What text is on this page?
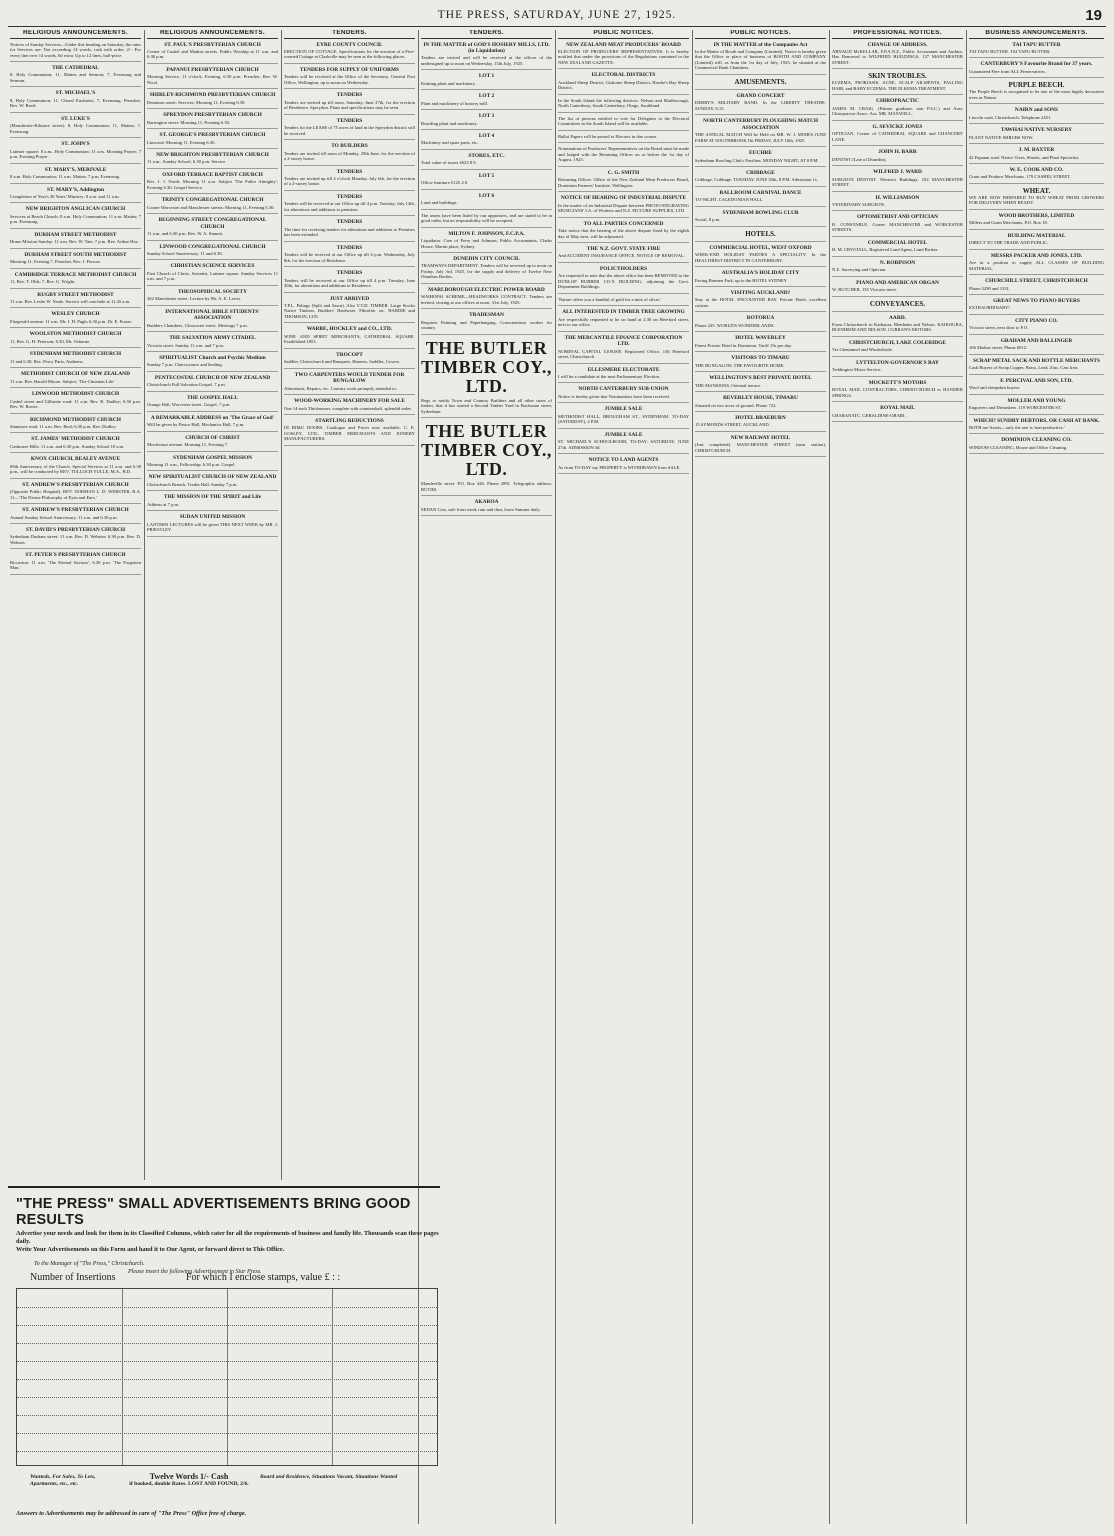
THE PRESS, SATURDAY, JUNE 27, 1925.	19
RELIGIOUS ANNOUNCEMENTS.

Notices of Sunday Services—Under this heading on Saturday, the rates for Services are: Not exceeding 14 words, cash with order, 2/-. For every line over 14 words, 6d extra. Up to 12 lines, half-price.

THE CATHEDRAL

8, Holy Communion; 11, Matins and Sermon; 7, Evensong and Sermon.

ST. MICHAEL'S

8, Holy Communion; 11, Choral Eucharist; 7, Evensong. Preacher, Rev. W. Reed.

ST. LUKE'S

(Manchester-Kilmore street): 8, Holy Communion; 11, Matins; 7, Evensong.

ST. JOHN'S

Latimer square: 8 a.m., Holy Communion; 11 a.m. Morning Prayer; 7 p.m. Evening Prayer.

ST. MARY'S, MERIVALE

8 a.m. Holy Communion; 11 a.m. Matins; 7 p.m. Evensong.

ST. MARY'S, Addington

Completion of Year's 30 Years' Ministry: 8 a.m. and 11 a.m.

NEW BRIGHTON ANGLICAN CHURCH

Services at Beach Church: 8 a.m. Holy Communion; 11 a.m. Matins; 7 p.m. Evensong.

DURHAM STREET METHODIST

Home Mission Sunday: 11 a.m. Rev. W. Tate; 7 p.m. Rev. Arthur Hay.

DURHAM STREET SOUTH METHODIST

Morning 11, Evening 7. Preacher, Rev. J. Ferrow.

CAMBRIDGE TERRACE METHODIST CHURCH

11, Rev. T. Olds; 7, Rev. G. Wright.

RUGBY STREET METHODIST

11 a.m. Rev. Leslie W. Neale. Service will conclude at 11.45 a.m.

WESLEY CHURCH

Fitzgerald avenue: 11 a.m. Mr. J. H. Pugh; 6.30 p.m. Dr. E. Fraser.

WOOLSTON METHODIST CHURCH

11, Rev. G. H. Peterson; 6.30, Mr. Osborne.

SYDENHAM METHODIST CHURCH

11 and 6.30, Rev. Percy Paris, Anthems.

METHODIST CHURCH OF NEW ZEALAND

11 a.m. Rev. Harold Moore. Subject, 'The Christian Life.'

LINWOOD METHODIST CHURCH

Cashel street and Gilbirnie road: 11 a.m. Rev. R. Dudley; 6.30 p.m. Rev. W. Bowie.

RICHMOND METHODIST CHURCH

Stanmore road: 11 a.m. Rev. Beal; 6.30 p.m. Rev. Dudley.

ST. JAMES' METHODIST CHURCH

Cashmere Hills: 11 a.m. and 6.30 p.m. Sunday School 10 a.m.

KNOX CHURCH, BEALEY AVENUE

69th Anniversary of the Church. Special Services at 11 a.m. and 6.30 p.m., will be conducted by REV. TULLOCH YULLE, M.A., B.D.

ST. ANDREW'S PRESBYTERIAN CHURCH

(Opposite Public Hospital). REV. NORMAN L. D. WEBSTER, B.A. 11—'The Divine Philosophy of Eyes and Ears.'

ST. ANDREW'S PRESBYTERIAN CHURCH

Annual Sunday School Anniversary, 11 a.m. and 6.30 p.m.

ST. DAVID'S PRESBYTERIAN CHURCH

Sydenham Durham street: 11 a.m. Rev. D. Webster; 6.30 p.m. Rev. D. Webster.

ST. PETER'S PRESBYTERIAN CHURCH

Riccarton: 11 a.m. 'The Eternal Saviour'; 6.30 p.m. 'The Forgotten Man.'

RELIGIOUS ANNOUNCEMENTS.
ST. PAUL'S PRESBYTERIAN CHURCH

Corner of Cashel and Madras streets. Public Worship at 11 a.m. and 6.30 p.m.

PAPANUI PRESBYTERIAN CHURCH

Morning Service, 11 o'clock. Evening, 6.30 p.m. Preacher, Rev. W. Nicol.

SHIRLEY-RICHMOND PRESBYTERIAN CHURCH

Dennison street: Services, Morning 11, Evening 6.30.

SPREYDON PRESBYTERIAN CHURCH

Barrington street: Morning 11, Evening 6.30.

ST. GEORGE'S PRESBYTERIAN CHURCH

Linwood: Morning 11, Evening 6.30.

NEW BRIGHTON PRESBYTERIAN CHURCH

11 a.m., Sunday School; 6.30 p.m. Service.

OXFORD TERRACE BAPTIST CHURCH

Rev. J. J. North: Morning 11 a.m. Subject 'The Fuller Almighty'; Evening 6.30, Gospel Service.

TRINITY CONGREGATIONAL CHURCH

Corner Worcester and Manchester streets: Morning 11, Evening 6.30.

BEGINNING STREET CONGREGATIONAL CHURCH

11 a.m. and 6.30 p.m. Rev. W. A. Sinnott.

LINWOOD CONGREGATIONAL CHURCH

Sunday School Anniversary, 11 and 6.30.

CHRISTIAN SCIENCE SERVICES

First Church of Christ, Scientist, Latimer square. Sunday Services 11 a.m. and 7 p.m.

THEOSOPHICAL SOCIETY

362 Manchester street. Lecture by Mr. A. E. Lewis.

INTERNATIONAL BIBLE STUDENTS' ASSOCIATION

Builders Chambers, Gloucester street. Meetings 7 p.m.

THE SALVATION ARMY CITADEL

Victoria street. Sunday 11 a.m. and 7 p.m.

SPIRITUALIST Church and Psychic Medium

Sunday 7 p.m. Clairvoyance and healing.

PENTECOSTAL CHURCH OF NEW ZEALAND

Christchurch Full Salvation Gospel. 7 p.m.

THE GOSPEL HALL

Orange Hall, Worcester street. Gospel, 7 p.m.

A REMARKABLE ADDRESS on 'The Grace of God'

Will be given by Pastor Hall, Mechanics Hall, 7 p.m.

CHURCH OF CHRIST

Moorhouse avenue. Morning 11, Evening 7.

SYDENHAM GOSPEL MISSION

Morning 11 a.m., Fellowship; 6.30 p.m. Gospel.

NEW SPIRITUALIST CHURCH OF NEW ZEALAND

Christchurch Branch, Trades Hall. Sunday 7 p.m.

THE MISSION OF THE SPIRIT and Life

Address at 7 p.m.

SUDAN UNITED MISSION

LANTERN LECTURES will be given THIS NEXT WEEK by MR. J. PRIESTLEY.

TENDERS.
EYRE COUNTY COUNCIL

ERECTION OF COTTAGE. Specifications for the erection of a Five-roomed Cottage at Clarkville may be seen at the following places.

TENDERS FOR SUPPLY OF UNIFORMS

Tenders will be received at the Office of the Secretary, General Post Office, Wellington, up to noon on Wednesday.

TENDERS

Tenders are invited up till noon, Saturday, June 27th, for the erection of Residence, Spreydon. Plans and specifications may be seen.

TENDERS

Tenders for the LEASE of 75 acres of land in the Spreydon district will be received.

TO BUILDERS

Tenders are invited till noon of Monday, 29th June, for the erection of a 2-storey house.

TENDERS

Tenders are invited up till 4 o'clock Monday, July 6th, for the erection of a 2-storey house.

TENDERS

Tenders will be received at our Office up till 4 p.m. Tuesday, July 14th, for alterations and additions to premises.

TENDERS

The time for receiving tenders for alterations and additions to Premises has been extended.

TENDERS

Tenders will be received at our Office up till 4 p.m. Wednesday, July 8th, for the erection of Residence.

TENDERS

Tenders will be received at our Office up till 4 p.m. Tuesday, June 30th, for alterations and additions to Residence.

JUST ARRIVED

T.P.L. Palings (Split and Sawn), Also V.T.D. TIMBER. Large Stocks Native Timbers, Builders' Hardware, Fibrolite, etc. HARDIE and THOMSON, LTD.

WARBE, HOCKLEY and CO., LTD.

WINE AND SPIRIT MERCHANTS, CATHEDRAL SQUARE. Established 1853.

TROCOPT

Saddler, Christchurch and Banquets. Harness, Saddles, Covers.

TWO CARPENTERS WOULD TENDER FOR BUNGALOW

Alterations, Repairs, etc. Country work promptly attended to.

WOOD-WORKING MACHINERY FOR SALE

One 14-inch Thicknesser, complete with countershaft, splendid order.

STARTLING REDUCTIONS

IN RIMU DOORS. Catalogue and Prices now available. C. E. GOSLEY, LTD., TIMBER MERCHANTS AND JOINERY MANUFACTURERS.

TENDERS.
IN THE MATTER of GOD'S HOSIERY MILLS, LTD. (in Liquidation)

Tenders are invited and will be received at the offices of the undersigned up to noon on Wednesday, 15th July, 1925.

LOT 1

Knitting plant and machinery.

LOT 2

Plant and machinery of hosiery mill.

LOT 3

Boarding plant and machinery.

LOT 4

Machinery and spare parts, etc.

STORES, ETC.

Total value of stores £623 8 0.

LOT 5

Office furniture £125 4 0.

LOT 6

Land and buildings.

The assets have been listed by our appraisers, and are stated to be in good order, but no responsibility will be accepted.

MILTON F. JOHNSON, F.C.P.A.

Liquidator. Care of Perry and Johnson, Public Accountants, Clarks House, Martin place, Sydney.

DUNEDIN CITY COUNCIL

TRAMWAYS DEPARTMENT. Tenders will be received up to noon on Friday, July 3rd, 1925, for the supply and delivery of Twelve New Omnibus Bodies.

MARLBOROUGH ELECTRIC POWER BOARD

WAIHOPAI SCHEME—HEADWORKS CONTRACT. Tenders are invited, closing at our offices at noon, 31st July, 1925.

TRADESMAN

Requires Painting and Paperhanging. Conscientious worker for country.

THE BUTLER TIMBER COY., LTD.

Begs to notify Town and Country Builders and all other users of timber, that it has started a Second Timber Yard in Buchanan street, Sydenham.

THE BUTLER TIMBER COY., LTD.

Mandeville street. P.O. Box 426. Phone 2891. Telegraphic address: BUTIM.

AKAROA

SEDAN Cars, safe from wind, rain and dust, leave Sumner daily.

PUBLIC NOTICES.
NEW ZEALAND MEAT PRODUCERS' BOARD

ELECTION OF PRODUCERS' REPRESENTATIVES. It is hereby notified that under the provisions of the Regulations contained in the NEW ZEALAND GAZETTE.

ELECTORAL DISTRICTS

Auckland Sheep District, Gisborne Sheep District, Hawke's Bay Sheep District.

In the South Island the following districts: Nelson and Marlborough, North Canterbury, South Canterbury, Otago, Southland.

The list of persons entitled to vote for Delegates to the Electoral Committees in the South Island will be available.

Ballot Papers will be posted to Electors in due course.

Nominations of Producers' Representatives on the Board must be made and lodged with the Returning Officer on or before the 1st day of August, 1925.

C. G. SMITH

Returning Officer. Office of the New Zealand Meat Producers Board, Dominion Farmers' Institute, Wellington.

NOTICE OF HEARING OF INDUSTRIAL DISPUTE

In the matter of an Industrial Dispute between PHOTO-ENGRAVING MUSICIANS' I.A. of Workers and N.Z. PICTURE SUPPLIES, LTD.

TO ALL PARTIES CONCERNED

Take notice that the hearing of the above dispute fixed by the eighth day of May next, will be adjourned.

THE N.Z. GOVT. STATE FIRE

And ACCIDENT INSURANCE OFFICE. NOTICE OF REMOVAL.

POLICYHOLDERS

Are requested to note that the above office has been REMOVED to the DUNLOP RUBBER CO.'S BUILDING, adjoining the Govt. Department Buildings.

'Nature offers you a handful of gold for a mite of silver.'

ALL INTERESTED IN TIMBER TREE GROWING

Are respectfully requested to be on hand at 2.30 on Hereford street, next to our office.

THE MERCANTILE FINANCE CORPORATION LTD.

NOMINAL CAPITAL £100,000. Registered Office, 136 Hereford street, Christchurch.

ELLESMERE ELECTORATE

I will be a candidate at the next Parliamentary Election.

NORTH CANTERBURY SUB-UNION

Notice is hereby given that Nominations have been received.

JUMBLE SALE

METHODIST HALL, BROUGHAM ST., SYDENHAM. TO-DAY (SATURDAY), 2 P.M.

JUMBLE SALE

ST. MICHAEL'S SCHOOLROOM, TO-DAY, SATURDAY, JUNE 27th. ADMISSION 3d.

NOTICE TO LAND AGENTS

As from TO-DAY my PROPERTY is WITHDRAWN from SALE.

PUBLIC NOTICES.
IN THE MATTER of the Companies Act

In the Matter of Booth and Company (Limited). Notice is hereby given that the Office or place of business of BOOTH AND COMPANY (Limited) will, as from the 1st day of July, 1925, be situated at the Commercial Bank Chambers.

AMUSEMENTS.
GRAND CONCERT

DEBRY'S MILITARY BAND, In the LIBERTY THEATRE. SUNDAY, 8.15.

NORTH CANTERBURY PLOUGHING MATCH ASSOCIATION

THE ANNUAL MATCH Will be Held on MR. W. J. MOIR'S JUNE FARM AT SOUTHBROOK On FRIDAY, JULY 10th, 1925.

EUCHRE

Sydenham Bowling Club's Pavilion. MONDAY NIGHT, AT 8 P.M.

CRIBBAGE

Cribbage, Cribbage. TUESDAY, JUNE 30th, 8 P.M. Admission 1s.

BALLROOM CARNIVAL DANCE

TO-NIGHT, CALEDONIAN HALL.

SYDENHAM BOWLING CLUB

Social, 8 p.m.

HOTELS.
COMMERCIAL HOTEL, WEST OXFORD

WEEK-END HOLIDAY PARTIES A SPECIALITY. In the HEALTHIEST DISTRICT IN CANTERBURY.

AUSTRALIA'S HOLIDAY CITY

Facing Bremen Park, up to the HOTEL SYDNEY.

VISITING AUCKLAND?

Stay at the HOTEL ENCOUNTER BAY. Private Hotel, excellent cuisine.

ROTORUA

Phone 245. WORLD'S WONDERLANDS.

HOTEL WAVERLEY

Finest Private Hotel in Dominion. Tariff 15s per day.

VISITORS TO TIMARU

THE BUNGALOW, THE FAVOURITE HOME.

WELLINGTON'S BEST PRIVATE HOTEL

THE MANSIONS, Oriental terrace.

BEVERLEY HOUSE, TIMARU

Situated on two acres of ground. Phone 722.

HOTEL BRAEBURN

15 SYMONDS STREET, AUCKLAND.

NEW RAILWAY HOTEL

(Just completed). MANCHESTER STREET (near station), CHRISTCHURCH.

PROFESSIONAL NOTICES.
CHANGE OF ADDRESS.

ARNAUD McKELLAR, F.P.A.N.Z., Public Accountant and Auditor, Has Removed to WILFRIED BUILDINGS, 137 MANCHESTER STREET.

SKIN TROUBLES.

ECZEMA, PSORIASIS, ACNE, SCALP AILMENTS, FALLING HAIR, and BABY ECZEMA. THE ELKEMA TREATMENT.

CHIROPRACTIC

JAMES M. CRAIG. (Palmer graduate, non P.S.C.) and Aust. Chiropractor Assoc. Ass. MR. MAXWELL.

G. SEVICKE JONES

OPTICIAN. Corner of CATHEDRAL SQUARE and CHANCERY LANE.

JOHN H. BARR

DENTIST (Late of Dunedin).

WILFRED J. WARD

SURGEON DENTIST. Weston's Buildings, 102 MANCHESTER STREET.

H. WILLIAMSON

VETERINARY SURGEON.

OPTOMETRIST AND OPTICIAN

R. CONSTABLE. Corner MANCHESTER and WORCESTER STREETS.

COMMERCIAL HOTEL

H. M. CRYSTALL, Registered Land Agent, Land Broker.

N. ROBINSON

N.Z. Surveying and Optician.

PIANO AND AMERICAN ORGAN

W. BUTCHER, 155 Victoria street.

CONVEYANCES.
AARD.

From Christchurch to Kaikoura, Blenheim and Nelson. KAIKOURA, BLENHEIM AND NELSON. CURRAN'S MOTORS.

CHRISTCHURCH, LAKE COLERIDGE

Via Glentunnel and Windwhistle.

LYTTELTON-GOVERNOR'S BAY

Teddington Motor Service.

MOCKETT'S MOTORS

ROYAL MAIL CONTRACTORS. CHRISTCHURCH to HANMER SPRINGS.

ROYAL MAIL

CHARANATC, GERALDINE-ORARI.

BUSINESS ANNOUNCEMENTS.
TAI TAPU BUTTER

TAI TAPU BUTTER. TAI TAPU BUTTER.

CANTERBURY'S Favourite Brand for 37 years.

Guaranteed Free from ALL Preservatives.

PURPLE BEECH.

The Purple Beech is recognised to be one of the most highly decorative trees in Nature.

NAIRN and SONS

Lincoln road, Christchurch. Telephone 2451.

TAWHAI NATIVE NURSERY

PLANT NATIVE SHRUBS NOW.

J. M. BAXTER

42 Papanui road. Native Trees, Shrubs, and Plant Specialist.

W. E. COOK AND CO.

Grain and Produce Merchants. 179 CASHEL STREET.

WHEAT.

WE ARE NOW PREPARED TO BUY WHEAT FROM GROWERS FOR DELIVERY WHEN READY.

WOOD BROTHERS, LIMITED

Millers and Grain Merchants, P.O. Box 18.

BUILDING MATERIAL

DIRECT TO THE TRADE AND PUBLIC.

MESSRS PACKER AND JONES, LTD.

Are in a position to supply ALL CLASSES OF BUILDING MATERIAL.

CHURCHILL STREET, CHRISTCHURCH

Phone 2290 and 1331.

GREAT NEWS TO PIANO BUYERS

EXTRAORDINARY!

CITY PIANO CO.

Victoria street, next door to P.O.

GRAHAM AND BALLINGER

166 Madras street. Phone 6012.

SCRAP METAL SACK AND BOTTLE MERCHANTS

Cash Buyers of Scrap Copper, Brass, Lead, Zinc, Cast Iron.

F. PERCIVAL AND SON, LTD.

Wool and sheepskin buyers.

MOLLER AND YOUNG

Engravers and Diesinkers. 119 WORCESTER ST.

WHICH? SUNDRY DEBTORS, OR CASH AT BANK.

BOTH are Assets—only the one is 'non-productive.'

DOMINION CLEANING CO.

WINDOW CLEANING, House and Office Cleaning.

"THE PRESS" SMALL ADVERTISEMENTS BRING GOOD RESULTS
Advertise your needs and look for them in its Classified Columns, which cater for all the requirements of business and family life. Thousands scan these pages daily.
Write Your Advertisements on this Form and hand it to Our Agent, or forward direct to This Office.
To the Manager of "The Press," Christchurch.
Please insert the following Advertisement in Star Press.
Number of Insertions	For which I enclose stamps, value £ : :
Wanteds, For Sales, To Lets, Apartments, etc., etc.
Twelve Words 1/- Cash
if booked, double Rates. LOST AND FOUND, 2/6.
Board and Residence, Situations Vacant, Situations Wanted
Answers to Advertisements may be addressed in care of "The Press" Office free of charge.
